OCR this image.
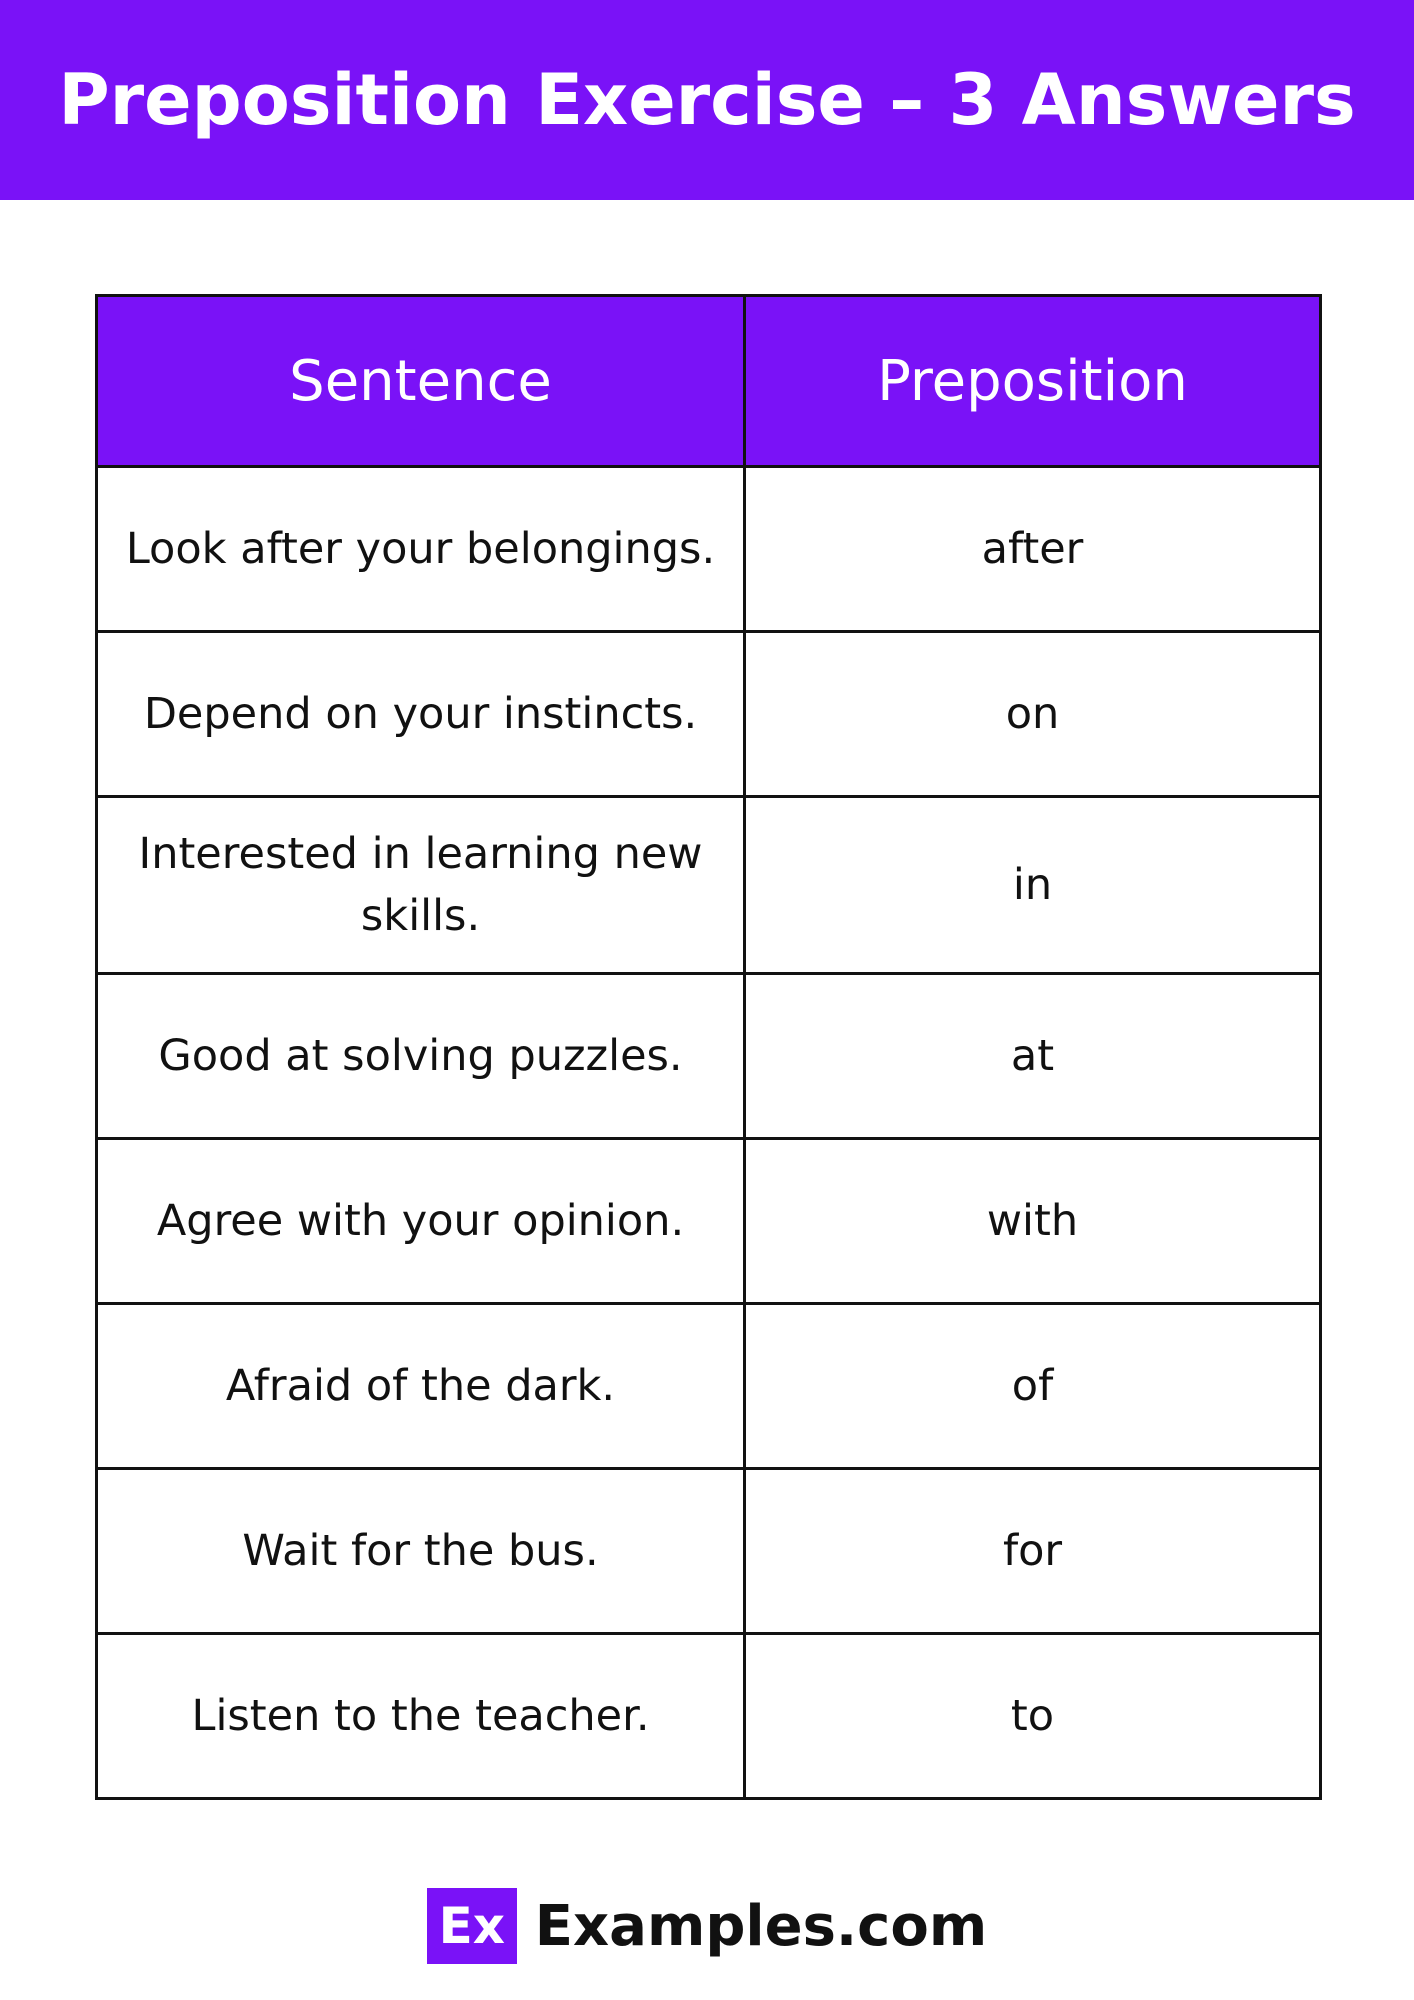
Preposition Exercise – 3 Answers
Sentence	Preposition
Look after your belongings.	after
Depend on your instincts.	on
Interested in learning new skills.	in
Good at solving puzzles.	at
Agree with your opinion.	with
Afraid of the dark.	of
Wait for the bus.	for
Listen to the teacher.	to
Ex Examples.com
